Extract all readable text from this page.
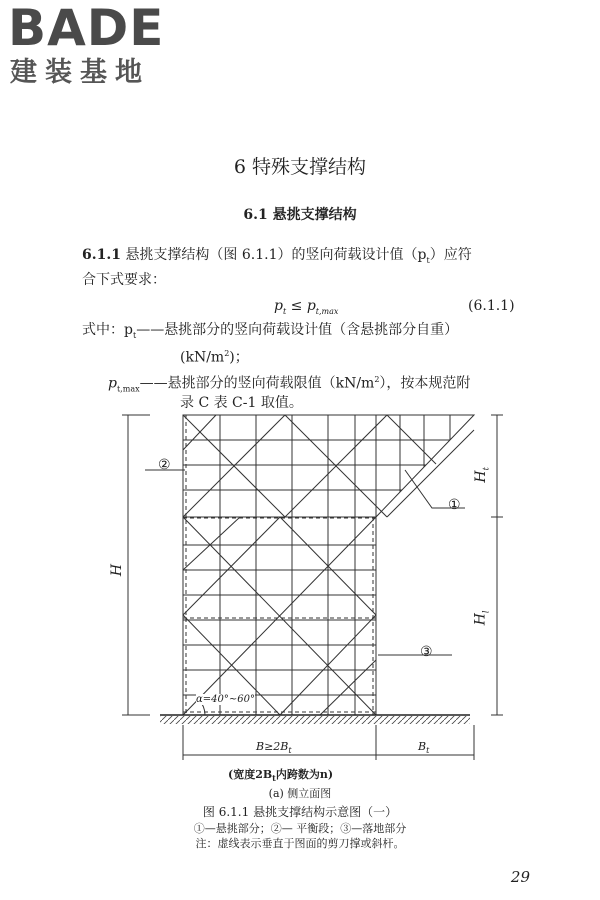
BADE
建装基地
6 特殊支撑结构
6.1 悬挑支撑结构
6.1.1 悬挑支撑结构（图 6.1.1）的竖向荷载设计值$(p_t)$应符
合下式要求：
$p_t \le p_{t,max}$	(6.1.1)
式中：$p_t——$悬挑部分的竖向荷载设计值（含悬挑部分自重）
$(kN/m^2)$；
$p_{t,max}——$悬挑部分的竖向荷载限值$(kN/m^2)$，按本规范附
录 C 表 C-1 取值。
①
②
③
H
$H_t$
$H_l$
α=40°~60°
$B\ge 2B_t$	$B_t$
(宽度$2B_t$内跨数为n)
(a) 侧立面图
图 6.1.1 悬挑支撑结构示意图（一）
①—悬挑部分；②— 平衡段；③—落地部分
注：虚线表示垂直于图面的剪刀撑或斜杆。
29
